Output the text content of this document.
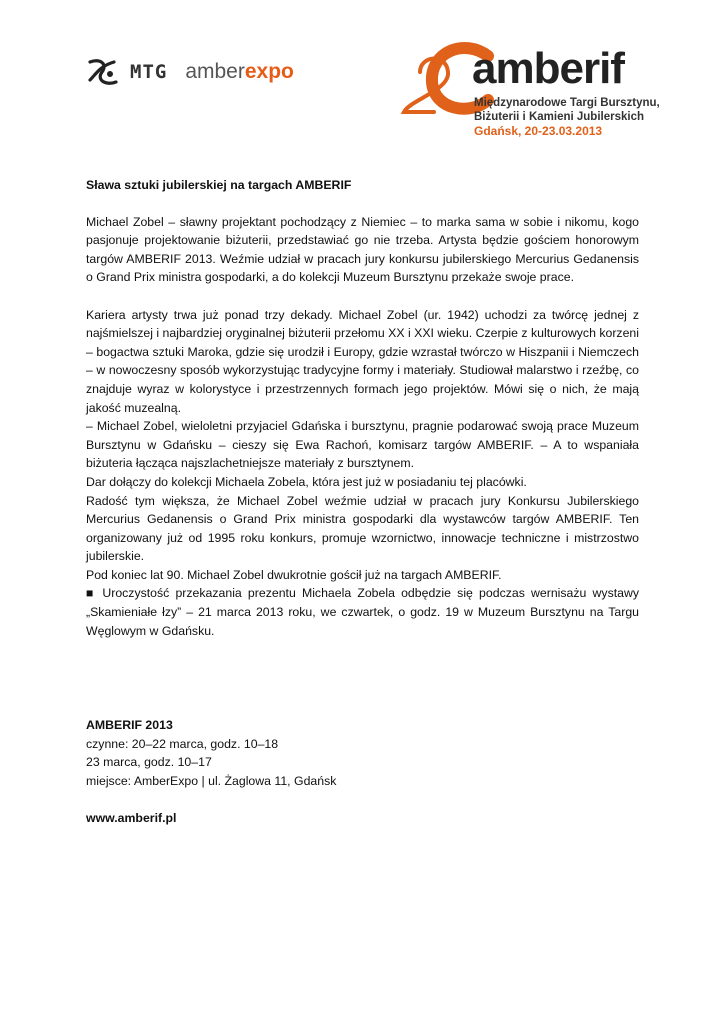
MTG amberexpo	amberif
Międzynarodowe Targi Bursztynu,
Biżuterii i Kamieni Jubilerskich
Gdańsk, 20-23.03.2013

Sława sztuki jubilerskiej na targach AMBERIF

Michael Zobel – sławny projektant pochodzący z Niemiec – to marka sama w sobie i nikomu, kogo pasjonuje projektowanie biżuterii, przedstawiać go nie trzeba. Artysta będzie gościem honorowym targów AMBERIF 2013. Weźmie udział w pracach jury konkursu jubilerskiego Mercurius Gedanensis o Grand Prix ministra gospodarki, a do kolekcji Muzeum Bursztynu przekaże swoje prace.

Kariera artysty trwa już ponad trzy dekady. Michael Zobel (ur. 1942) uchodzi za twórcę jednej z najśmielszej i najbardziej oryginalnej biżuterii przełomu XX i XXI wieku. Czerpie z kulturowych korzeni – bogactwa sztuki Maroka, gdzie się urodził i Europy, gdzie wzrastał twórczo w Hiszpanii i Niemczech – w nowoczesny sposób wykorzystując tradycyjne formy i materiały. Studiował malarstwo i rzeźbę, co znajduje wyraz w kolorystyce i przestrzennych formach jego projektów. Mówi się o nich, że mają jakość muzealną.

– Michael Zobel, wieloletni przyjaciel Gdańska i bursztynu, pragnie podarować swoją prace Muzeum Bursztynu w Gdańsku – cieszy się Ewa Rachoń, komisarz targów AMBERIF. – A to wspaniała biżuteria łącząca najszlachetniejsze materiały z bursztynem.

Dar dołączy do kolekcji Michaela Zobela, która jest już w posiadaniu tej placówki.

Radość tym większa, że Michael Zobel weźmie udział w pracach jury Konkursu Jubilerskiego Mercurius Gedanensis o Grand Prix ministra gospodarki dla wystawców targów AMBERIF. Ten organizowany już od 1995 roku konkurs, promuje wzornictwo, innowacje techniczne i mistrzostwo jubilerskie.

Pod koniec lat 90. Michael Zobel dwukrotnie gościł już na targach AMBERIF.

■ Uroczystość przekazania prezentu Michaela Zobela odbędzie się podczas wernisażu wystawy „Skamieniałe łzy” – 21 marca 2013 roku, we czwartek, o godz. 19 w Muzeum Bursztynu na Targu Węglowym w Gdańsku.

AMBERIF 2013

czynne: 20–22 marca, godz. 10–18

23 marca, godz. 10–17

miejsce: AmberExpo | ul. Żaglowa 11, Gdańsk

www.amberif.pl
